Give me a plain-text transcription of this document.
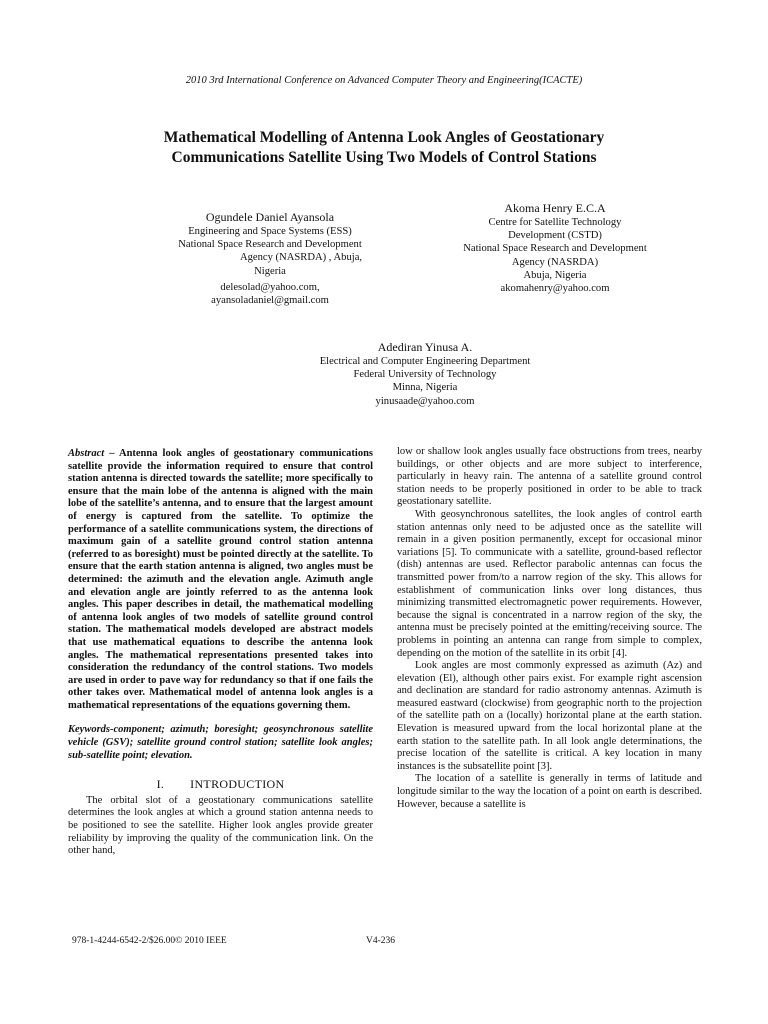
2010 3rd International Conference on Advanced Computer Theory and Engineering(ICACTE)
Mathematical Modelling of Antenna Look Angles of Geostationary
Communications Satellite Using Two Models of Control Stations
Ogundele Daniel Ayansola
Engineering and Space Systems (ESS)
National Space Research and Development
Agency (NASRDA) , Abuja,
Nigeria
delesolad@yahoo.com,
ayansoladaniel@gmail.com
Akoma Henry E.C.A
Centre for Satellite Technology
Development (CSTD)
National Space Research and Development
Agency (NASRDA)
Abuja, Nigeria
akomahenry@yahoo.com
Adediran Yinusa A.
Electrical and Computer Engineering Department
Federal University of Technology
Minna, Nigeria
yinusaade@yahoo.com

Abstract – Antenna look angles of geostationary communications satellite provide the information required to ensure that control station antenna is directed towards the satellite; more specifically to ensure that the main lobe of the antenna is aligned with the main lobe of the satellite’s antenna, and to ensure that the largest amount of energy is captured from the satellite. To optimize the performance of a satellite communications system, the directions of maximum gain of a satellite ground control station antenna (referred to as boresight) must be pointed directly at the satellite. To ensure that the earth station antenna is aligned, two angles must be determined: the azimuth and the elevation angle. Azimuth angle and elevation angle are jointly referred to as the antenna look angles. This paper describes in detail, the mathematical modelling of antenna look angles of two models of satellite ground control station. The mathematical models developed are abstract models that use mathematical equations to describe the antenna look angles. The mathematical representations presented takes into consideration the redundancy of the control stations. Two models are used in order to pave way for redundancy so that if one fails the other takes over. Mathematical model of antenna look angles is a mathematical representations of the equations governing them.

Keywords-component; azimuth; boresight; geosynchronous satellite vehicle (GSV); satellite ground control station; satellite look angles; sub-satellite point; elevation.

I. INTRODUCTION

The orbital slot of a geostationary communications satellite determines the look angles at which a ground station antenna needs to be positioned to see the satellite. Higher look angles provide greater reliability by improving the quality of the communication link. On the other hand,

low or shallow look angles usually face obstructions from trees, nearby buildings, or other objects and are more subject to interference, particularly in heavy rain. The antenna of a satellite ground control station needs to be properly positioned in order to be able to track geostationary satellite.

With geosynchronous satellites, the look angles of control earth station antennas only need to be adjusted once as the satellite will remain in a given position permanently, except for occasional minor variations [5]. To communicate with a satellite, ground-based reflector (dish) antennas are used. Reflector parabolic antennas can focus the transmitted power from/to a narrow region of the sky. This allows for establishment of communication links over long distances, thus minimizing transmitted electromagnetic power requirements. However, because the signal is concentrated in a narrow region of the sky, the antenna must be precisely pointed at the emitting/receiving source. The problems in pointing an antenna can range from simple to complex, depending on the motion of the satellite in its orbit [4].

Look angles are most commonly expressed as azimuth (Az) and elevation (El), although other pairs exist. For example right ascension and declination are standard for radio astronomy antennas. Azimuth is measured eastward (clockwise) from geographic north to the projection of the satellite path on a (locally) horizontal plane at the earth station. Elevation is measured upward from the local horizontal plane at the earth station to the satellite path. In all look angle determinations, the precise location of the satellite is critical. A key location in many instances is the subsatellite point [3].

The location of a satellite is generally in terms of latitude and longitude similar to the way the location of a point on earth is described. However, because a satellite is

978-1-4244-6542-2/$26.00© 2010 IEEE	V4-236
